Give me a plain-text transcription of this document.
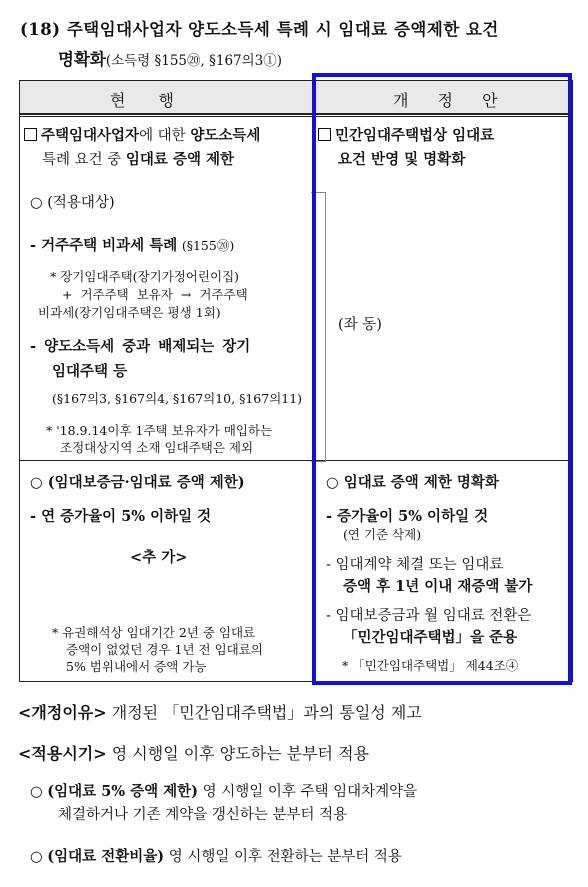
(18) 주택임대사업자 양도소득세 특례 시 임대료 증액제한 요건
명확화(소득령 §155⑳, §167의3①)
현 행	개 정 안
주택임대사업자에 대한 양도소득세
특례 요건 중 임대료 증액 제한
○ (적용대상)
- 거주주택 비과세 특례 (§155⑳)
* 장기임대주택(장기가정어린이집)
+ 거주주택 보유자 → 거주주택
비과세(장기임대주택은 평생 1회)
- 양도소득세 중과 배제되는 장기
임대주택 등
(§167의3, §167의4, §167의10, §167의11)
* '18.9.14이후 1주택 보유자가 매입하는
조정대상지역 소재 임대주택은 제외
○ (임대보증금·임대료 증액 제한)
- 연 증가율이 5% 이하일 것
<추 가>
* 유권해석상 임대기간 2년 중 임대료
증액이 없었던 경우 1년 전 임대료의
5% 범위내에서 증액 가능
민간임대주택법상 임대료
요건 반영 및 명확화
(좌 동)
○ 임대료 증액 제한 명확화
- 증가율이 5% 이하일 것
(연 기준 삭제)
- 임대계약 체결 또는 임대료
증액 후 1년 이내 재증액 불가
- 임대보증금과 월 임대료 전환은
「민간임대주택법」을 준용
* 「민간임대주택법」 제44조④
<개정이유> 개정된 「민간임대주택법」과의 통일성 제고
<적용시기> 영 시행일 이후 양도하는 분부터 적용
○ (임대료 5% 증액 제한) 영 시행일 이후 주택 임대차계약을
체결하거나 기존 계약을 갱신하는 분부터 적용
○ (임대료 전환비율) 영 시행일 이후 전환하는 분부터 적용
